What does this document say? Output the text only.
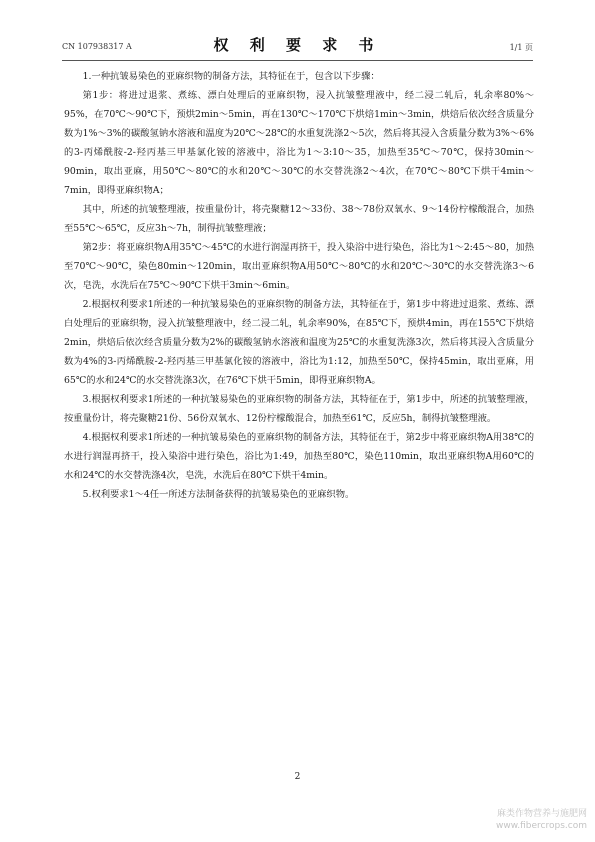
CN 107938317 A	权 利 要 求 书	1/1 页

1.一种抗皱易染色的亚麻织物的制备方法，其特征在于，包含以下步骤：

第1步：将进过退浆、煮练、漂白处理后的亚麻织物，浸入抗皱整理液中，经二浸二轧后，轧余率80%～95%，在70℃～90℃下，预烘2min～5min，再在130℃～170℃下烘焙1min～3min，烘焙后依次经含质量分数为1%～3%的碳酸氢钠水溶液和温度为20℃～28℃的水重复洗涤2～5次，然后将其浸入含质量分数为3%～6%的3-丙烯酰胺-2-羟丙基三甲基氯化铵的溶液中，浴比为1～3:10～35，加热至35℃～70℃，保持30min～90min，取出亚麻，用50℃～80℃的水和20℃～30℃的水交替洗涤2～4次，在70℃～80℃下烘干4min～7min，即得亚麻织物A；

其中，所述的抗皱整理液，按重量份计，将壳聚糖12～33份、38～78份双氧水、9～14份柠檬酸混合，加热至55℃～65℃，反应3h～7h，制得抗皱整理液；

第2步：将亚麻织物A用35℃～45℃的水进行润湿再挤干，投入染浴中进行染色，浴比为1～2:45～80，加热至70℃～90℃，染色80min～120min，取出亚麻织物A用50℃～80℃的水和20℃～30℃的水交替洗涤3～6次，皂洗，水洗后在75℃～90℃下烘干3min～6min。

2.根据权利要求1所述的一种抗皱易染色的亚麻织物的制备方法，其特征在于，第1步中将进过退浆、煮练、漂白处理后的亚麻织物，浸入抗皱整理液中，经二浸二轧，轧余率90%，在85℃下，预烘4min，再在155℃下烘焙2min，烘焙后依次经含质量分数为2%的碳酸氢钠水溶液和温度为25℃的水重复洗涤3次，然后将其浸入含质量分数为4%的3-丙烯酰胺-2-羟丙基三甲基氯化铵的溶液中，浴比为1:12，加热至50℃，保持45min，取出亚麻，用65℃的水和24℃的水交替洗涤3次，在76℃下烘干5min，即得亚麻织物A。

3.根据权利要求1所述的一种抗皱易染色的亚麻织物的制备方法，其特征在于，第1步中，所述的抗皱整理液，按重量份计，将壳聚糖21份、56份双氧水、12份柠檬酸混合，加热至61℃，反应5h，制得抗皱整理液。

4.根据权利要求1所述的一种抗皱易染色的亚麻织物的制备方法，其特征在于，第2步中将亚麻织物A用38℃的水进行润湿再挤干，投入染浴中进行染色，浴比为1:49，加热至80℃，染色110min，取出亚麻织物A用60℃的水和24℃的水交替洗涤4次，皂洗，水洗后在80℃下烘干4min。

5.权利要求1～4任一所述方法制备获得的抗皱易染色的亚麻织物。

2
麻类作物营养与施肥网
www.fibercrops.com
